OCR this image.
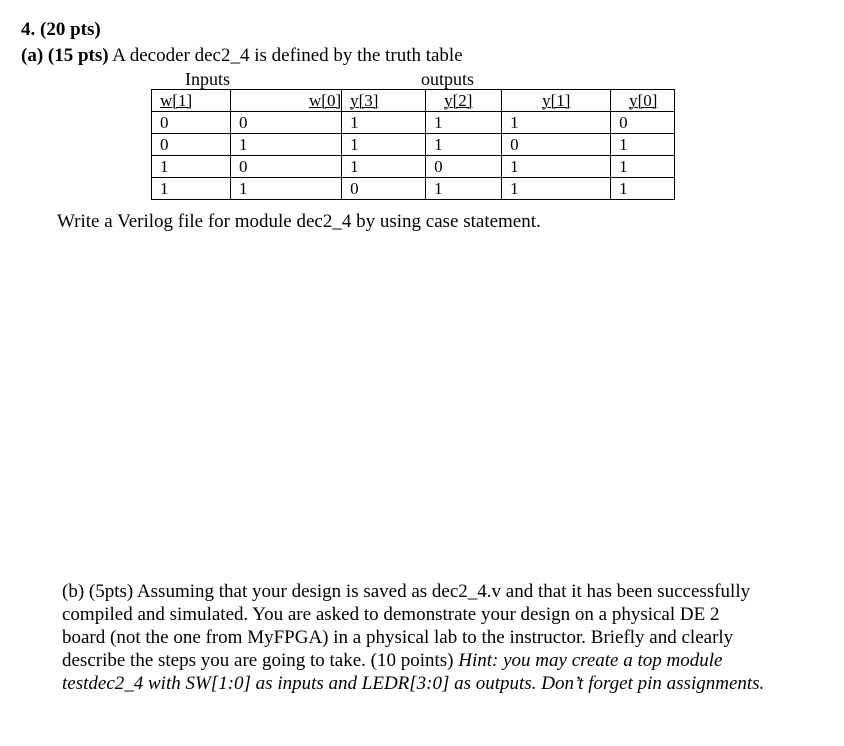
4. (20 pts)
(a) (15 pts) A decoder dec2_4 is defined by the truth table
Inputs	outputs
w[1]	w[0]	y[3]	y[2]	y[1]	y[0]
0	0	1	1	1	0
0	1	1	1	0	1
1	0	1	0	1	1
1	1	0	1	1	1
Write a Verilog file for module dec2_4 by using case statement.
(b) (5pts) Assuming that your design is saved as dec2_4.v and that it has been successfully
compiled and simulated. You are asked to demonstrate your design on a physical DE 2
board (not the one from MyFPGA) in a physical lab to the instructor. Briefly and clearly
describe the steps you are going to take. (10 points) Hint: you may create a top module
testdec2_4 with SW[1:0] as inputs and LEDR[3:0] as outputs. Don’t forget pin assignments.
